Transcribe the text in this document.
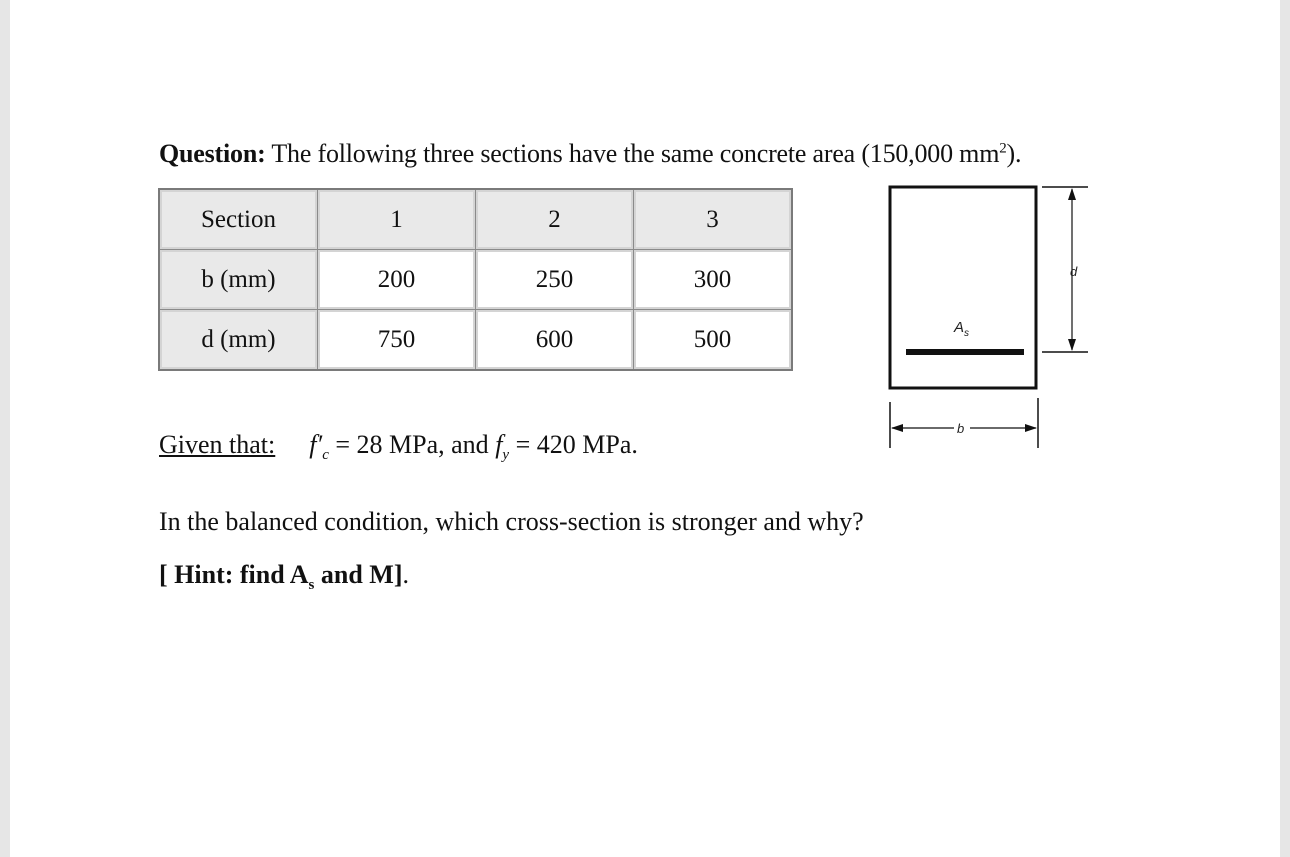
Question: The following three sections have the same concrete area (150,000 $mm^2$).
Section	1	2	3
b (mm)	200	250	300
d (mm)	750	600	500	$A_s$
d
b
Given that: $f'_c = 28$ MPa, and $f_y = 420$ MPa.
In the balanced condition, which cross-section is stronger and why?
[ Hint: find $A_s$ and M].
